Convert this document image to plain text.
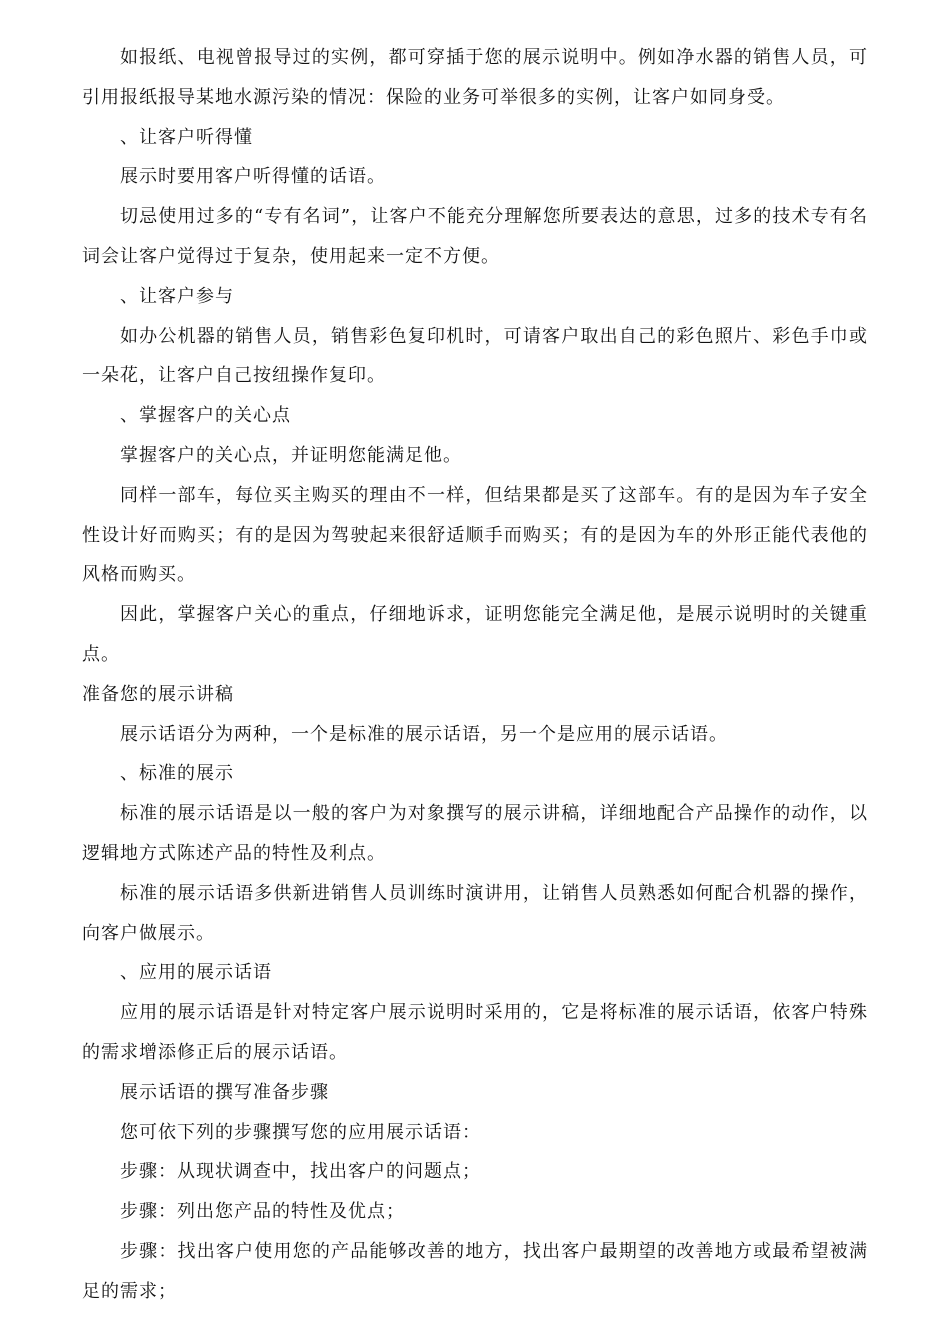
如报纸、电视曾报导过的实例，都可穿插于您的展示说明中。例如净水器的销售人员，可引用报纸报导某地水源污染的情况：保险的业务可举很多的实例，让客户如同身受。

、让客户听得懂

展示时要用客户听得懂的话语。

切忌使用过多的“专有名词”，让客户不能充分理解您所要表达的意思，过多的技术专有名词会让客户觉得过于复杂，使用起来一定不方便。

、让客户参与

如办公机器的销售人员，销售彩色复印机时，可请客户取出自己的彩色照片、彩色手巾或一朵花，让客户自己按纽操作复印。

、掌握客户的关心点

掌握客户的关心点，并证明您能满足他。

同样一部车，每位买主购买的理由不一样，但结果都是买了这部车。有的是因为车子安全性设计好而购买；有的是因为驾驶起来很舒适顺手而购买；有的是因为车的外形正能代表他的风格而购买。

因此，掌握客户关心的重点，仔细地诉求，证明您能完全满足他，是展示说明时的关键重点。

准备您的展示讲稿

展示话语分为两种，一个是标准的展示话语，另一个是应用的展示话语。

、标准的展示

标准的展示话语是以一般的客户为对象撰写的展示讲稿，详细地配合产品操作的动作，以逻辑地方式陈述产品的特性及利点。

标准的展示话语多供新进销售人员训练时演讲用，让销售人员熟悉如何配合机器的操作，向客户做展示。

、应用的展示话语

应用的展示话语是针对特定客户展示说明时采用的，它是将标准的展示话语，依客户特殊的需求增添修正后的展示话语。

展示话语的撰写准备步骤

您可依下列的步骤撰写您的应用展示话语：

步骤：从现状调查中，找出客户的问题点；

步骤：列出您产品的特性及优点；

步骤：找出客户使用您的产品能够改善的地方，找出客户最期望的改善地方或最希望被满足的需求；
